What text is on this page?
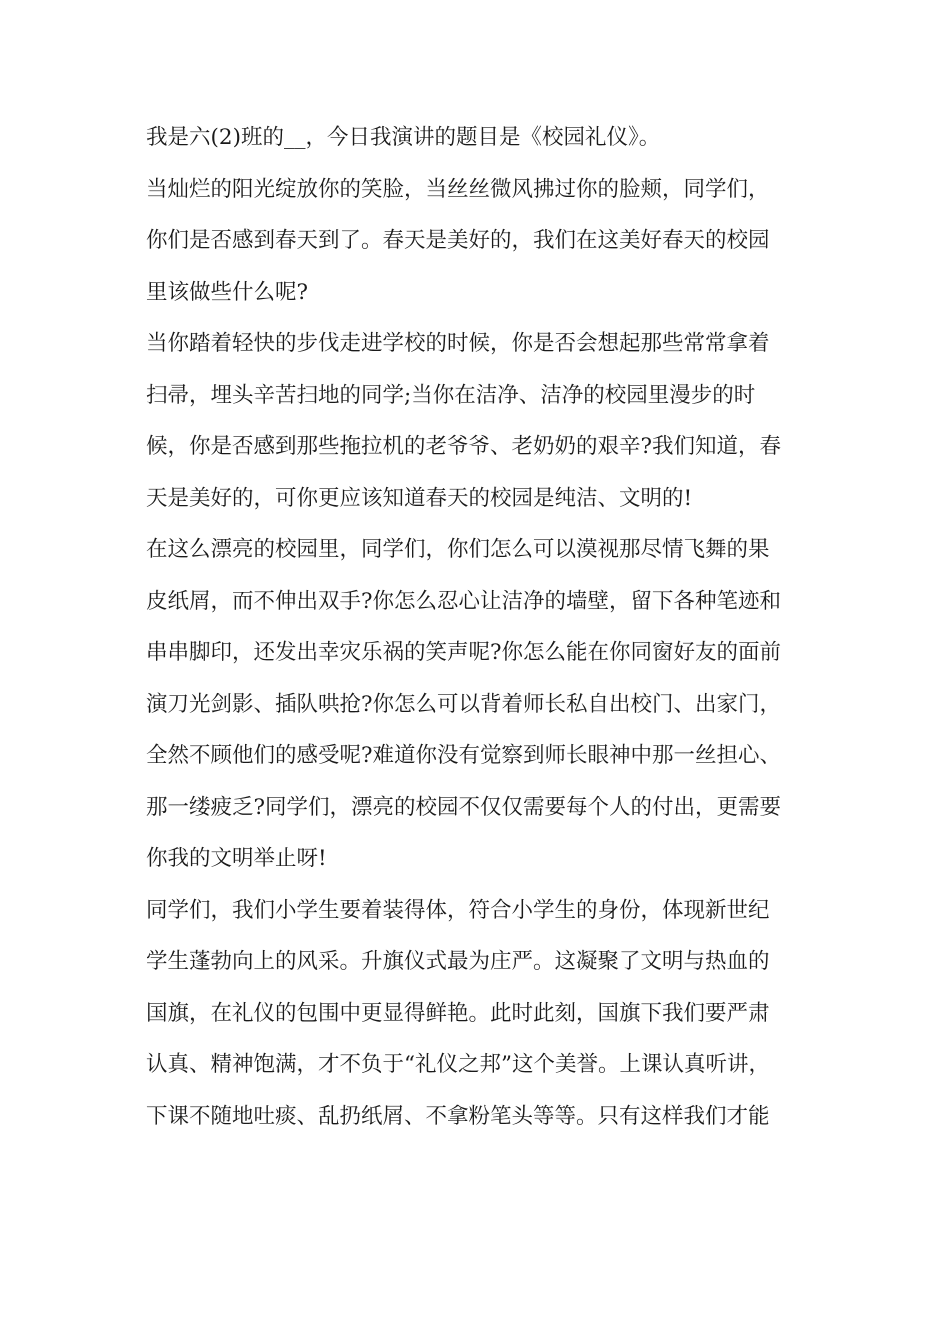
我是六(2)班的__，今日我演讲的题目是《校园礼仪》。
当灿烂的阳光绽放你的笑脸，当丝丝微风拂过你的脸颊，同学们，
你们是否感到春天到了。春天是美好的，我们在这美好春天的校园
里该做些什么呢?
当你踏着轻快的步伐走进学校的时候，你是否会想起那些常常拿着
扫帚，埋头辛苦扫地的同学;当你在洁净、洁净的校园里漫步的时
候，你是否感到那些拖拉机的老爷爷、老奶奶的艰辛?我们知道，春
天是美好的，可你更应该知道春天的校园是纯洁、文明的!
在这么漂亮的校园里，同学们，你们怎么可以漠视那尽情飞舞的果
皮纸屑，而不伸出双手?你怎么忍心让洁净的墙壁，留下各种笔迹和
串串脚印，还发出幸灾乐祸的笑声呢?你怎么能在你同窗好友的面前
演刀光剑影、插队哄抢?你怎么可以背着师长私自出校门、出家门，
全然不顾他们的感受呢?难道你没有觉察到师长眼神中那一丝担心、
那一缕疲乏?同学们，漂亮的校园不仅仅需要每个人的付出，更需要
你我的文明举止呀!
同学们，我们小学生要着装得体，符合小学生的身份，体现新世纪
学生蓬勃向上的风采。升旗仪式最为庄严。这凝聚了文明与热血的
国旗，在礼仪的包围中更显得鲜艳。此时此刻，国旗下我们要严肃
认真、精神饱满，才不负于“礼仪之邦”这个美誉。上课认真听讲，
下课不随地吐痰、乱扔纸屑、不拿粉笔头等等。只有这样我们才能
